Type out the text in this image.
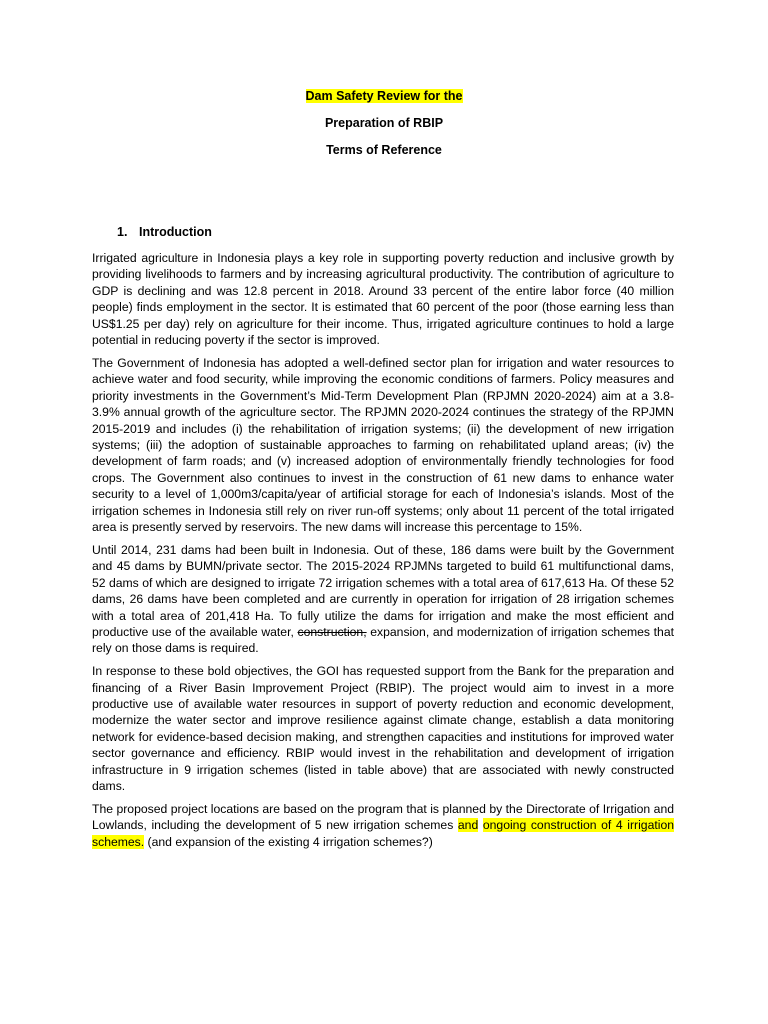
Dam Safety Review for the
Preparation of RBIP
Terms of Reference
1. Introduction

Irrigated agriculture in Indonesia plays a key role in supporting poverty reduction and inclusive growth by providing livelihoods to farmers and by increasing agricultural productivity. The contribution of agriculture to GDP is declining and was 12.8 percent in 2018. Around 33 percent of the entire labor force (40 million people) finds employment in the sector. It is estimated that 60 percent of the poor (those earning less than US$1.25 per day) rely on agriculture for their income. Thus, irrigated agriculture continues to hold a large potential in reducing poverty if the sector is improved.

The Government of Indonesia has adopted a well-defined sector plan for irrigation and water resources to achieve water and food security, while improving the economic conditions of farmers. Policy measures and priority investments in the Government’s Mid-Term Development Plan (RPJMN 2020-2024) aim at a 3.8-3.9% annual growth of the agriculture sector. The RPJMN 2020-2024 continues the strategy of the RPJMN 2015-2019 and includes (i) the rehabilitation of irrigation systems; (ii) the development of new irrigation systems; (iii) the adoption of sustainable approaches to farming on rehabilitated upland areas; (iv) the development of farm roads; and (v) increased adoption of environmentally friendly technologies for food crops. The Government also continues to invest in the construction of 61 new dams to enhance water security to a level of 1,000m3/capita/year of artificial storage for each of Indonesia’s islands. Most of the irrigation schemes in Indonesia still rely on river run-off systems; only about 11 percent of the total irrigated area is presently served by reservoirs. The new dams will increase this percentage to 15%.

Until 2014, 231 dams had been built in Indonesia. Out of these, 186 dams were built by the Government and 45 dams by BUMN/private sector. The 2015-2024 RPJMNs targeted to build 61 multifunctional dams, 52 dams of which are designed to irrigate 72 irrigation schemes with a total area of 617,613 Ha. Of these 52 dams, 26 dams have been completed and are currently in operation for irrigation of 28 irrigation schemes with a total area of 201,418 Ha. To fully utilize the dams for irrigation and make the most efficient and productive use of the available water, construction, expansion, and modernization of irrigation schemes that rely on those dams is required.

In response to these bold objectives, the GOI has requested support from the Bank for the preparation and financing of a River Basin Improvement Project (RBIP). The project would aim to invest in a more productive use of available water resources in support of poverty reduction and economic development, modernize the water sector and improve resilience against climate change, establish a data monitoring network for evidence-based decision making, and strengthen capacities and institutions for improved water sector governance and efficiency. RBIP would invest in the rehabilitation and development of irrigation infrastructure in 9 irrigation schemes (listed in table above) that are associated with newly constructed dams.

The proposed project locations are based on the program that is planned by the Directorate of Irrigation and Lowlands, including the development of 5 new irrigation schemes and ongoing construction of 4 irrigation schemes. (and expansion of the existing 4 irrigation schemes?)
